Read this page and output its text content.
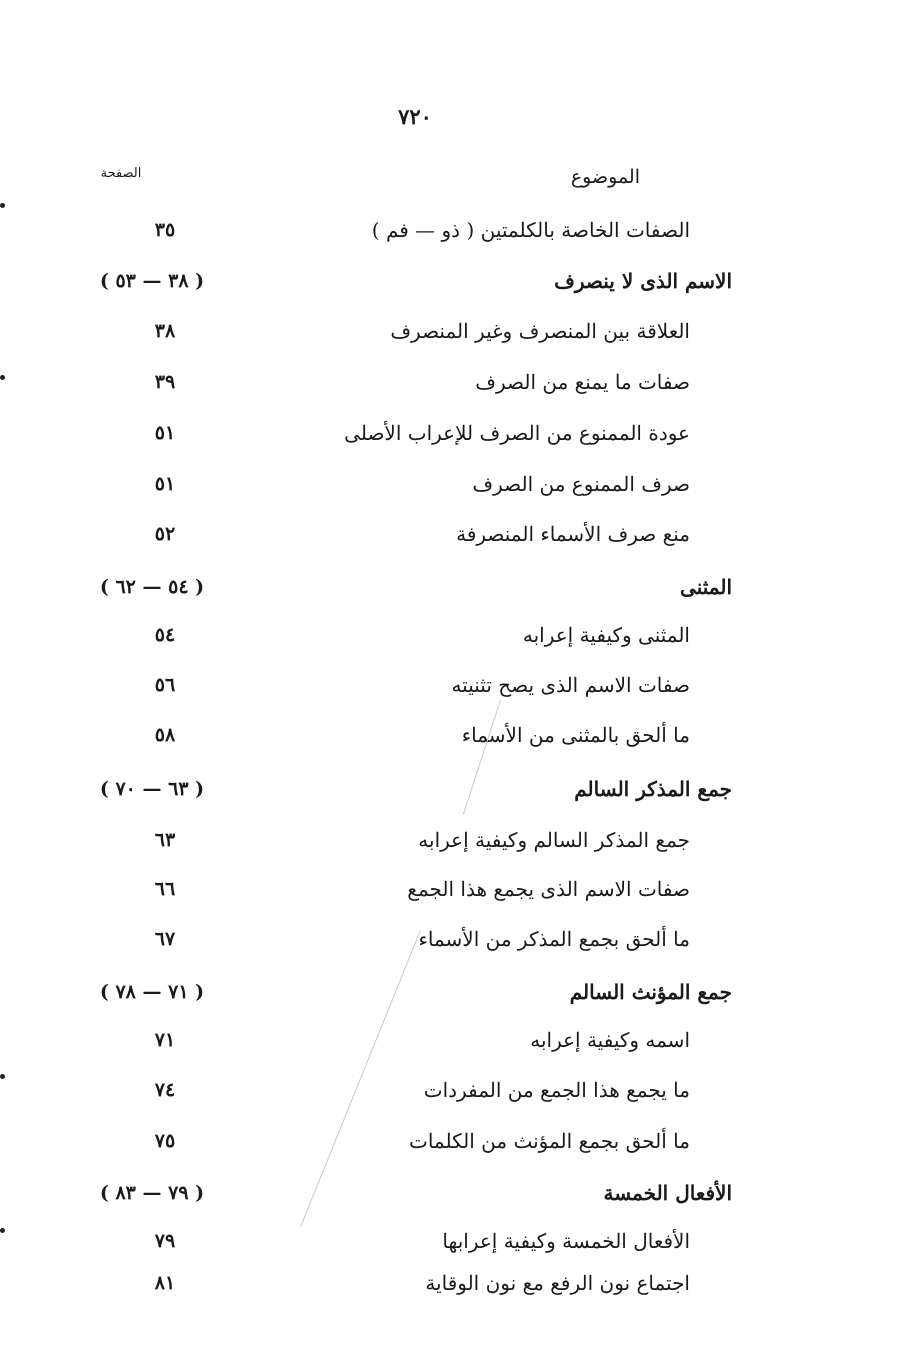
٧٢٠
الموضوع
الصفحة
الصفات الخاصة بالكلمتين ( ذو — فم )
٣٥
الاسم الذى لا ينصرف
( ٣٨ — ٥٣ )
العلاقة بين المنصرف وغير المنصرف
٣٨
صفات ما يمنع من الصرف
٣٩
عودة الممنوع من الصرف للإعراب الأصلى
٥١
صرف الممنوع من الصرف
٥١
منع صرف الأسماء المنصرفة
٥٢
المثنى
( ٥٤ — ٦٢ )
المثنى وكيفية إعرابه
٥٤
صفات الاسم الذى يصح تثنيته
٥٦
ما ألحق بالمثنى من الأسماء
٥٨
جمع المذكر السالم
( ٦٣ — ٧٠ )
جمع المذكر السالم وكيفية إعرابه
٦٣
صفات الاسم الذى يجمع هذا الجمع
٦٦
ما ألحق بجمع المذكر من الأسماء
٦٧
جمع المؤنث السالم
( ٧١ — ٧٨ )
اسمه وكيفية إعرابه
٧١
ما يجمع هذا الجمع من المفردات
٧٤
ما ألحق بجمع المؤنث من الكلمات
٧٥
الأفعال الخمسة
( ٧٩ — ٨٣ )
الأفعال الخمسة وكيفية إعرابها
٧٩
اجتماع نون الرفع مع نون الوقاية
٨١
